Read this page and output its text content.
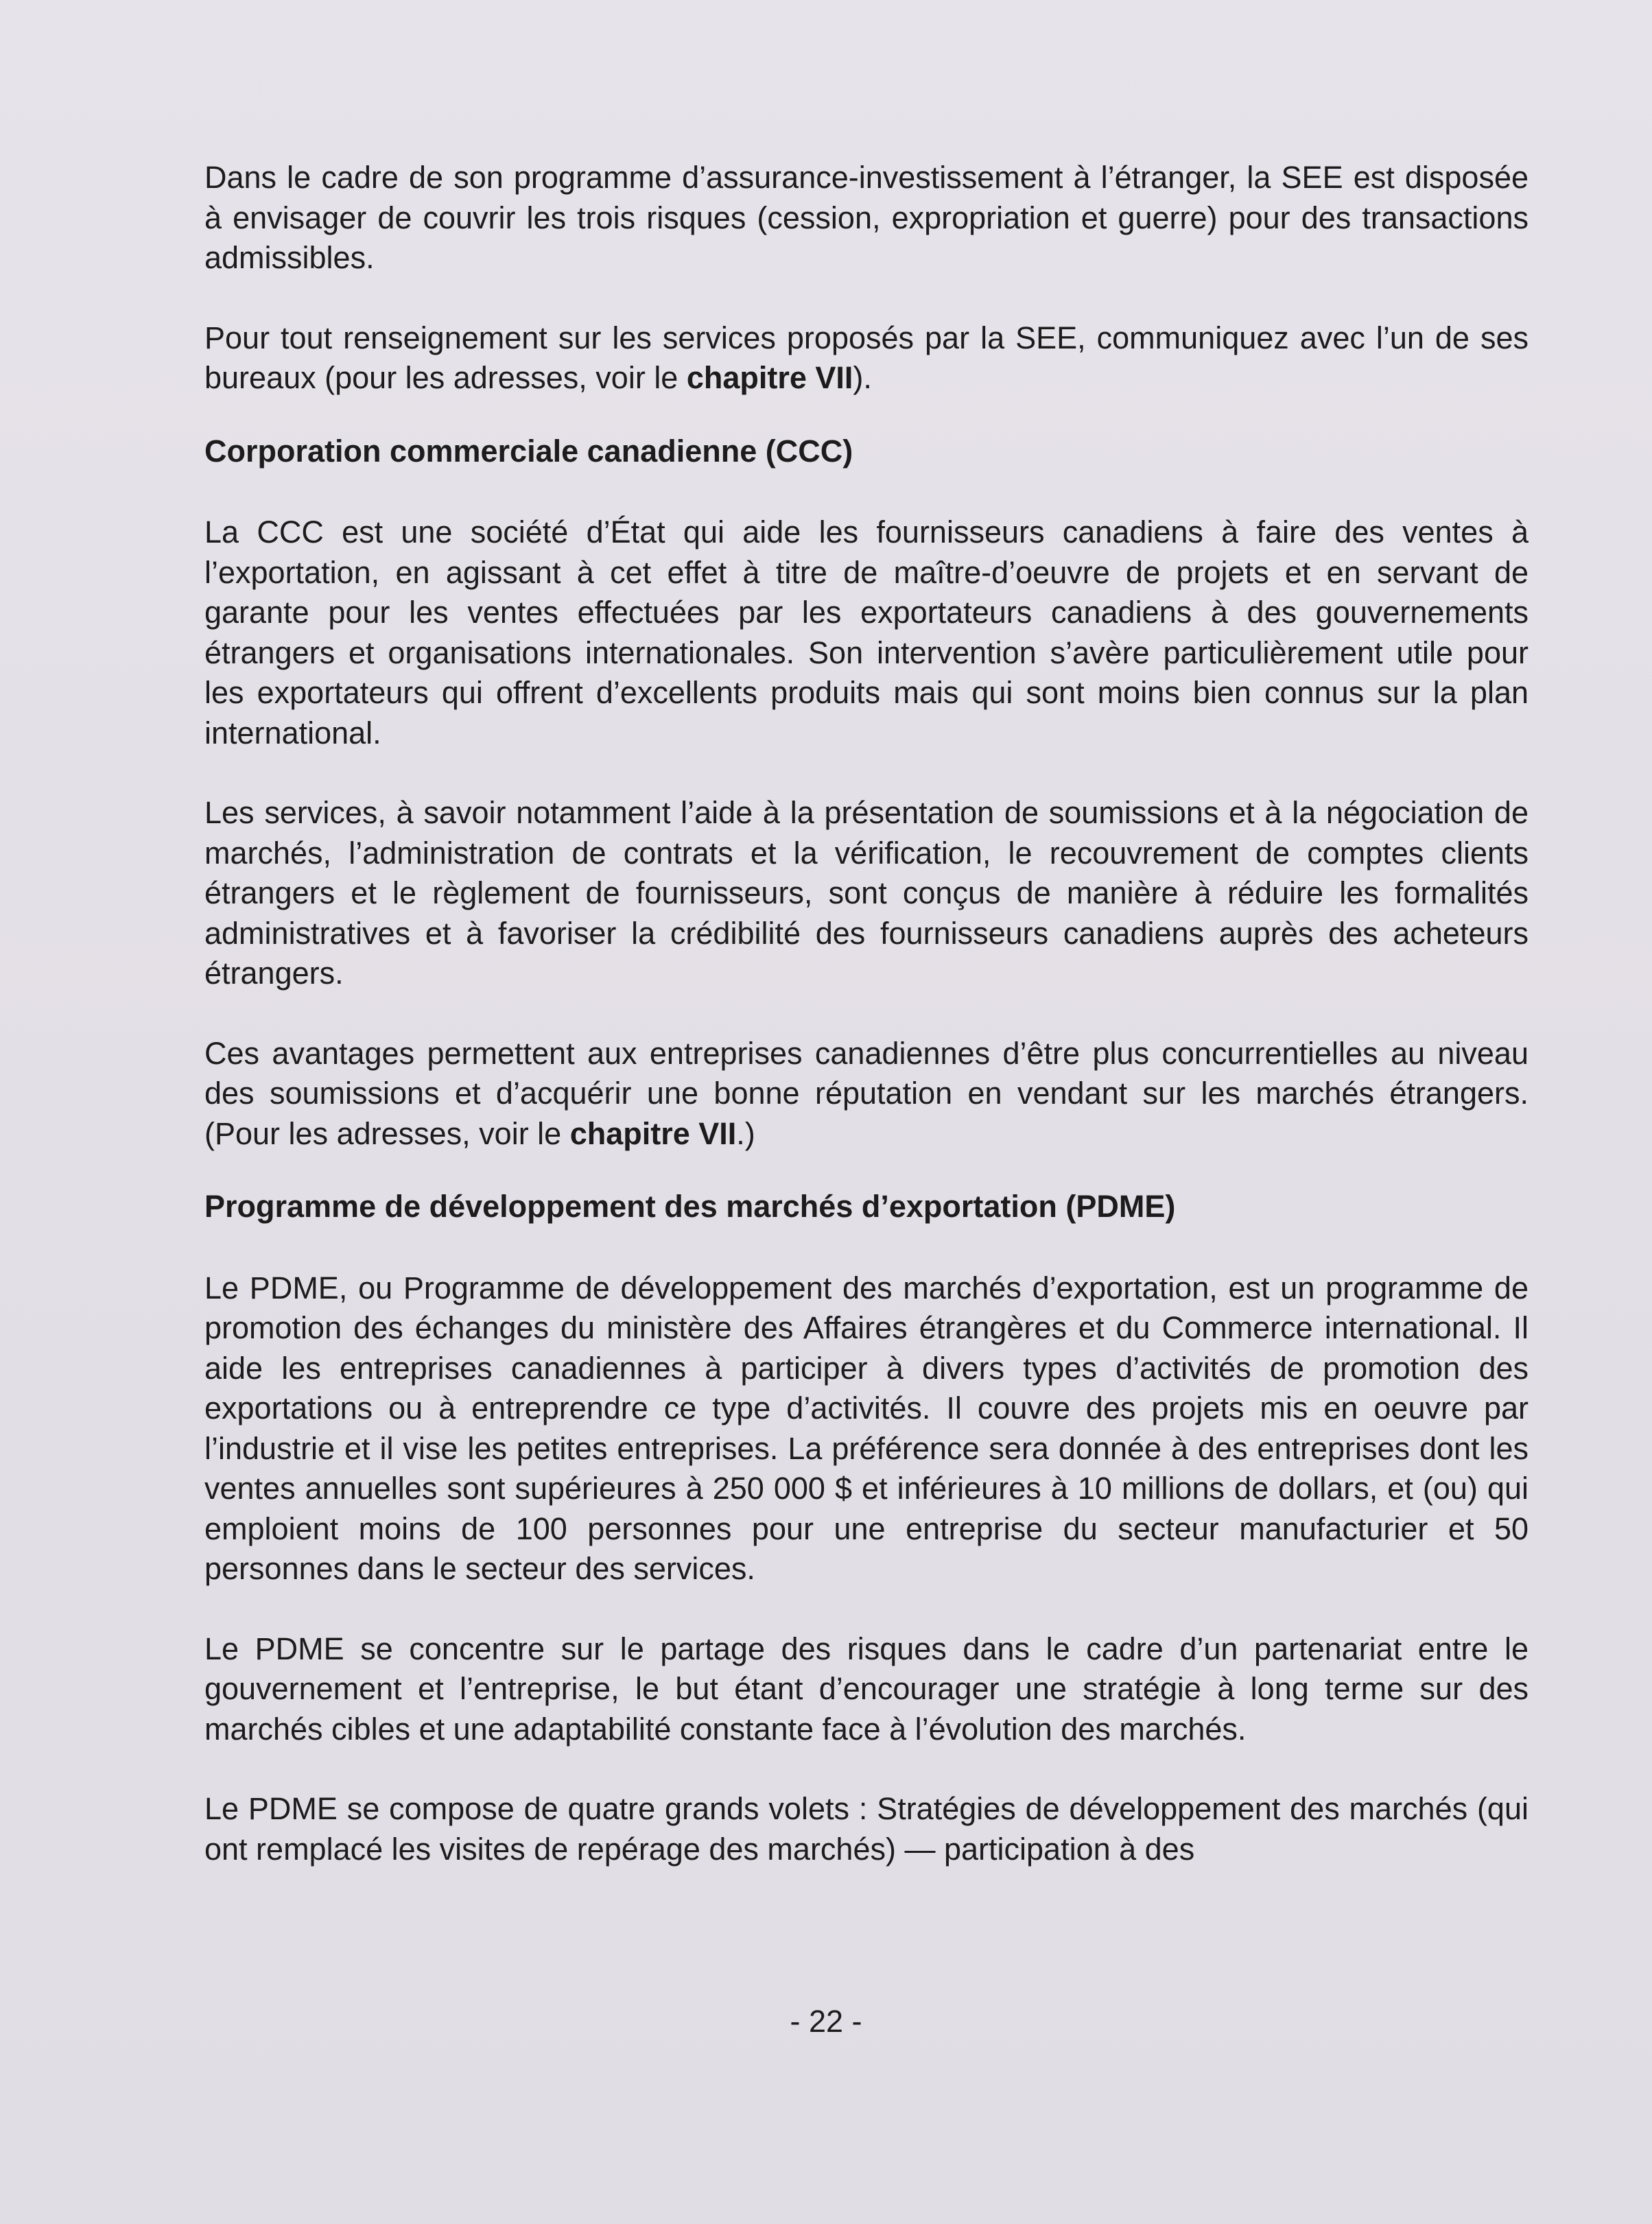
Dans le cadre de son programme d’assurance-investissement à l’étranger, la SEE est disposée à envisager de couvrir les trois risques (cession, expropriation et guerre) pour des transactions admissibles.

Pour tout renseignement sur les services proposés par la SEE, communiquez avec l’un de ses bureaux (pour les adresses, voir le chapitre VII).

Corporation commerciale canadienne (CCC)

La CCC est une société d’État qui aide les fournisseurs canadiens à faire des ventes à l’exportation, en agissant à cet effet à titre de maître-d’oeuvre de projets et en servant de garante pour les ventes effectuées par les exportateurs canadiens à des gouvernements étrangers et organisations internationales. Son intervention s’avère particulièrement utile pour les exportateurs qui offrent d’excellents produits mais qui sont moins bien connus sur la plan international.

Les services, à savoir notamment l’aide à la présentation de soumissions et à la négociation de marchés, l’administration de contrats et la vérification, le recouvrement de comptes clients étrangers et le règlement de fournisseurs, sont conçus de manière à réduire les formalités administratives et à favoriser la crédibilité des fournisseurs canadiens auprès des acheteurs étrangers.

Ces avantages permettent aux entreprises canadiennes d’être plus concurrentielles au niveau des soumissions et d’acquérir une bonne réputation en vendant sur les marchés étrangers. (Pour les adresses, voir le chapitre VII.)

Programme de développement des marchés d’exportation (PDME)

Le PDME, ou Programme de développement des marchés d’exportation, est un programme de promotion des échanges du ministère des Affaires étrangères et du Commerce international. Il aide les entreprises canadiennes à participer à divers types d’activités de promotion des exportations ou à entreprendre ce type d’activités. Il couvre des projets mis en oeuvre par l’industrie et il vise les petites entreprises. La préférence sera donnée à des entreprises dont les ventes annuelles sont supérieures à 250 000 $ et inférieures à 10 millions de dollars, et (ou) qui emploient moins de 100 personnes pour une entreprise du secteur manufacturier et 50 personnes dans le secteur des services.

Le PDME se concentre sur le partage des risques dans le cadre d’un partenariat entre le gouvernement et l’entreprise, le but étant d’encourager une stratégie à long terme sur des marchés cibles et une adaptabilité constante face à l’évolution des marchés.

Le PDME se compose de quatre grands volets : Stratégies de développement des marchés (qui ont remplacé les visites de repérage des marchés) — participation à des

- 22 -
